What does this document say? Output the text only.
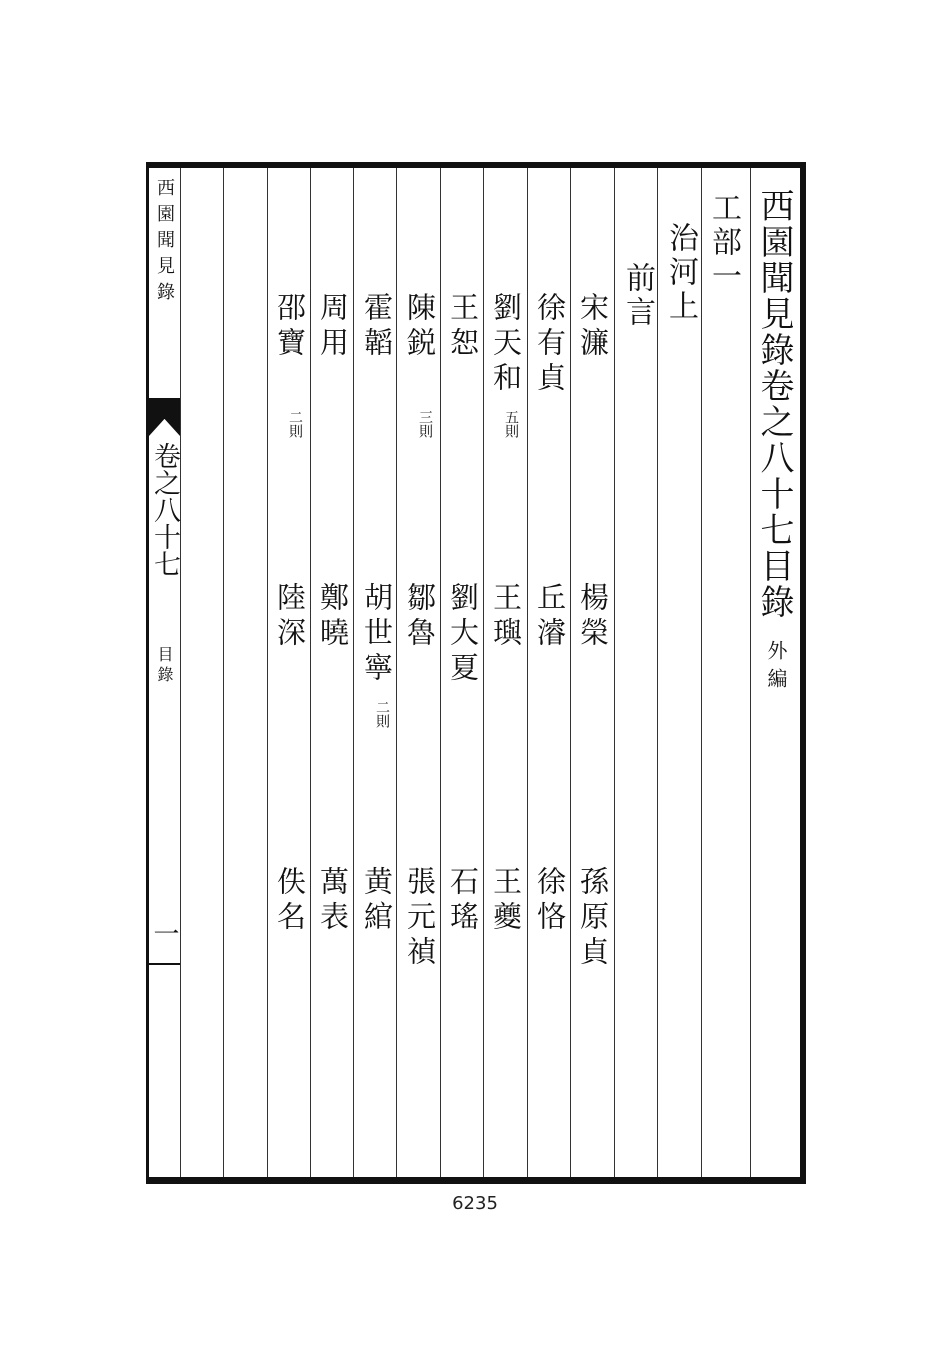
西園聞見錄卷之八十七目錄
外編
工部一
治河上
前言
宋濂
楊榮
孫原貞
徐有貞
丘濬
徐恪
劉天和
五則
王璵
王夔
王恕
劉大夏
石瑤
陳鋭
三則
鄒魯
張元禎
霍韜
胡世寧
二則
黄綰
周用
鄭曉
萬表
邵寶
二則
陸深
佚名
西園聞見錄
卷之八十七
目錄
一
6235
